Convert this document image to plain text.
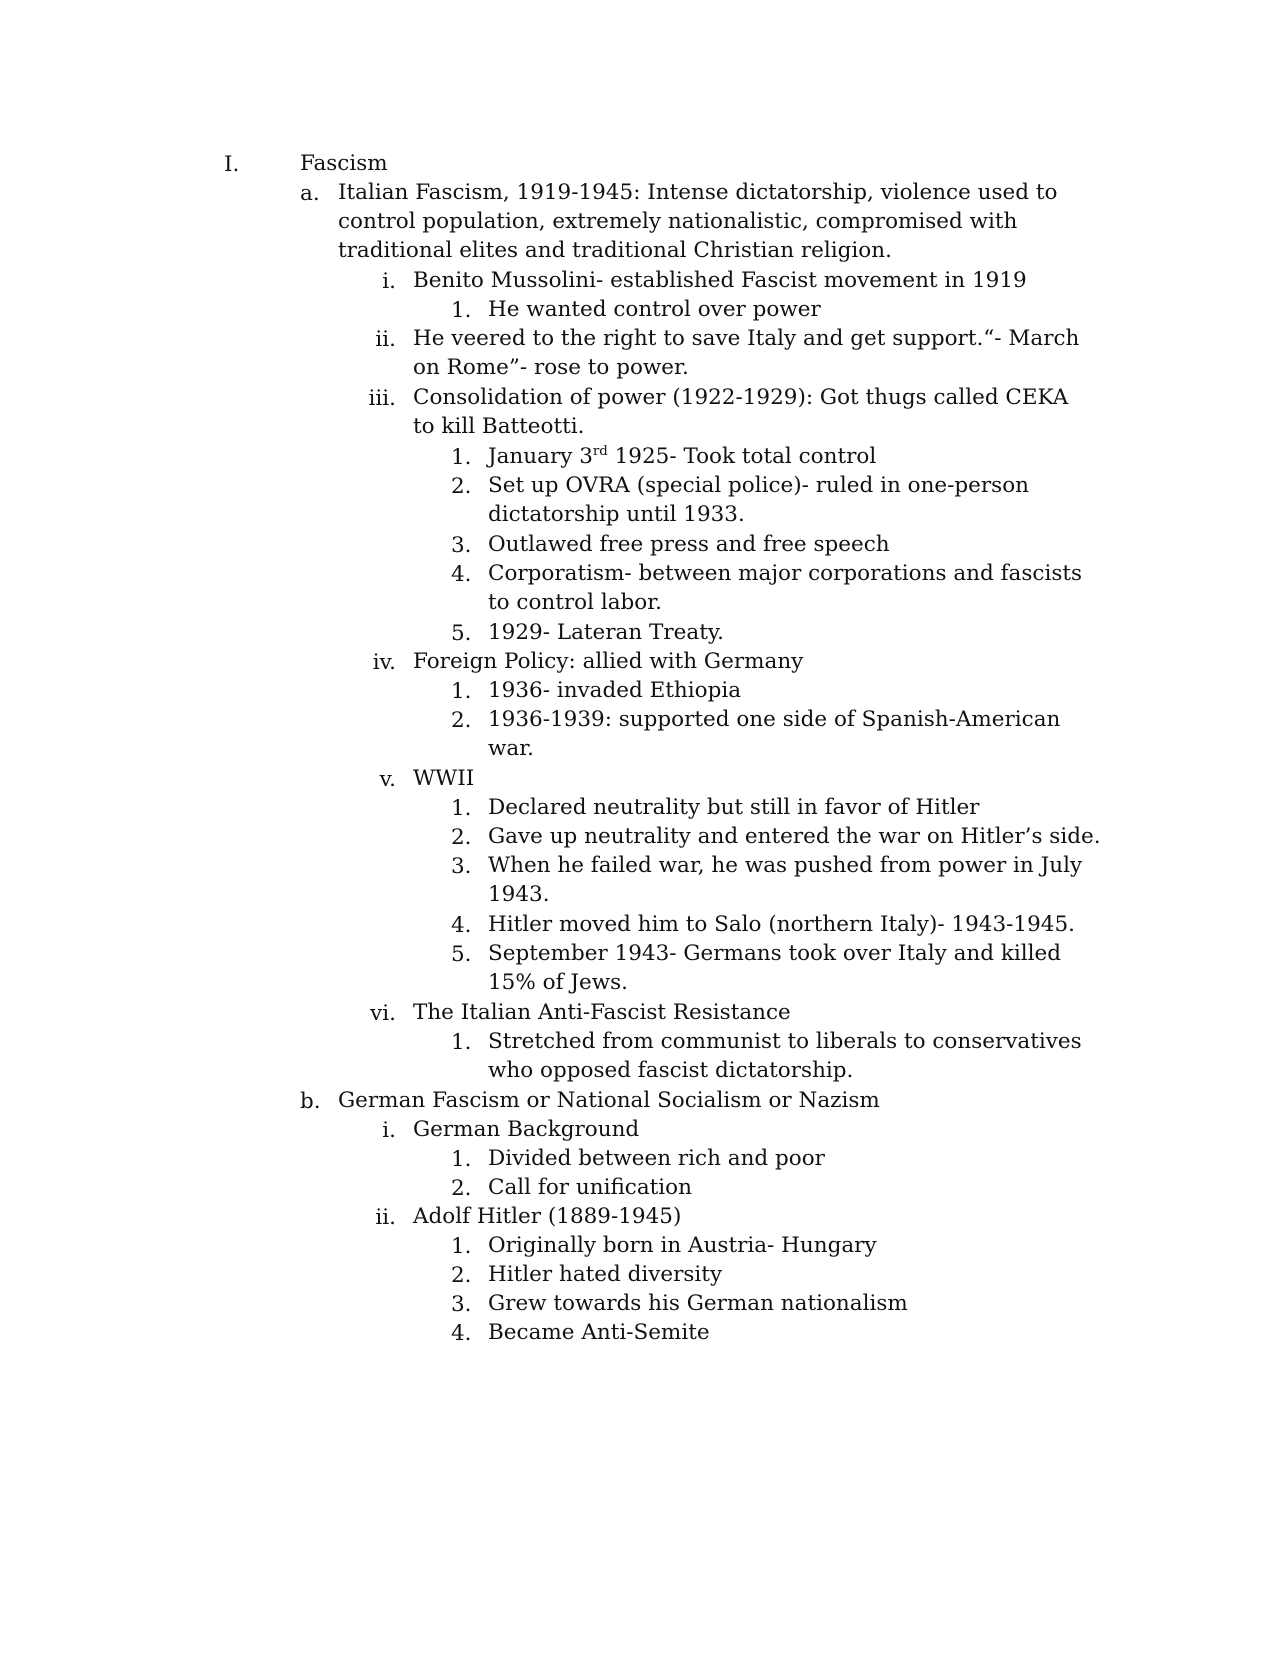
I.	Fascism
a. Italian Fascism, 1919-1945: Intense dictatorship, violence used to control population, extremely nationalistic, compromised with traditional elites and traditional Christian religion.
i. Benito Mussolini- established Fascist movement in 1919
1. He wanted control over power
ii. He veered to the right to save Italy and get support.“- March on Rome”- rose to power.
iii. Consolidation of power (1922-1929): Got thugs called CEKA to kill Batteotti.
1. January 3rd 1925- Took total control
2. Set up OVRA (special police)- ruled in one-person dictatorship until 1933.
3. Outlawed free press and free speech
4. Corporatism- between major corporations and fascists to control labor.
5. 1929- Lateran Treaty.
iv. Foreign Policy: allied with Germany
1. 1936- invaded Ethiopia
2. 1936-1939: supported one side of Spanish-American war.
v. WWII
1. Declared neutrality but still in favor of Hitler
2. Gave up neutrality and entered the war on Hitler’s side.
3. When he failed war, he was pushed from power in July 1943.
4. Hitler moved him to Salo (northern Italy)- 1943-1945.
5. September 1943- Germans took over Italy and killed 15% of Jews.
vi. The Italian Anti-Fascist Resistance
1. Stretched from communist to liberals to conservatives who opposed fascist dictatorship.
b. German Fascism or National Socialism or Nazism
i. German Background
1. Divided between rich and poor
2. Call for unification
ii. Adolf Hitler (1889-1945)
1. Originally born in Austria- Hungary
2. Hitler hated diversity
3. Grew towards his German nationalism
4. Became Anti-Semite
